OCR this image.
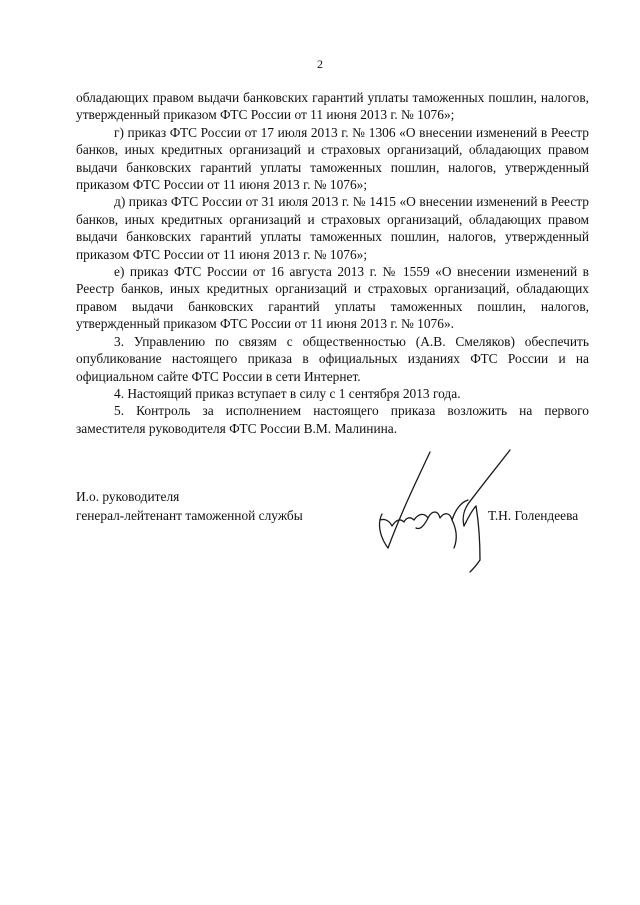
2

обладающих правом выдачи банковских гарантий уплаты таможенных пошлин, налогов, утвержденный приказом ФТС России от 11 июня 2013 г. № 1076»;

г) приказ ФТС России от 17 июля 2013 г. № 1306 «О внесении изменений в Реестр банков, иных кредитных организаций и страховых организаций, обладающих правом выдачи банковских гарантий уплаты таможенных пошлин, налогов, утвержденный приказом ФТС России от 11 июня 2013 г. № 1076»;

д) приказ ФТС России от 31 июля 2013 г. № 1415 «О внесении изменений в Реестр банков, иных кредитных организаций и страховых организаций, обладающих правом выдачи банковских гарантий уплаты таможенных пошлин, налогов, утвержденный приказом ФТС России от 11 июня 2013 г. № 1076»;

е) приказ ФТС России от 16 августа 2013 г. № 1559 «О внесении изменений в Реестр банков, иных кредитных организаций и страховых организаций, обладающих правом выдачи банковских гарантий уплаты таможенных пошлин, налогов, утвержденный приказом ФТС России от 11 июня 2013 г. № 1076».

3. Управлению по связям с общественностью (А.В. Смеляков) обеспечить опубликование настоящего приказа в официальных изданиях ФТС России и на официальном сайте ФТС России в сети Интернет.

4. Настоящий приказ вступает в силу с 1 сентября 2013 года.

5. Контроль за исполнением настоящего приказа возложить на первого заместителя руководителя ФТС России В.М. Малинина.

И.о. руководителя
генерал-лейтенант таможенной службы	Т.Н. Голендеева
